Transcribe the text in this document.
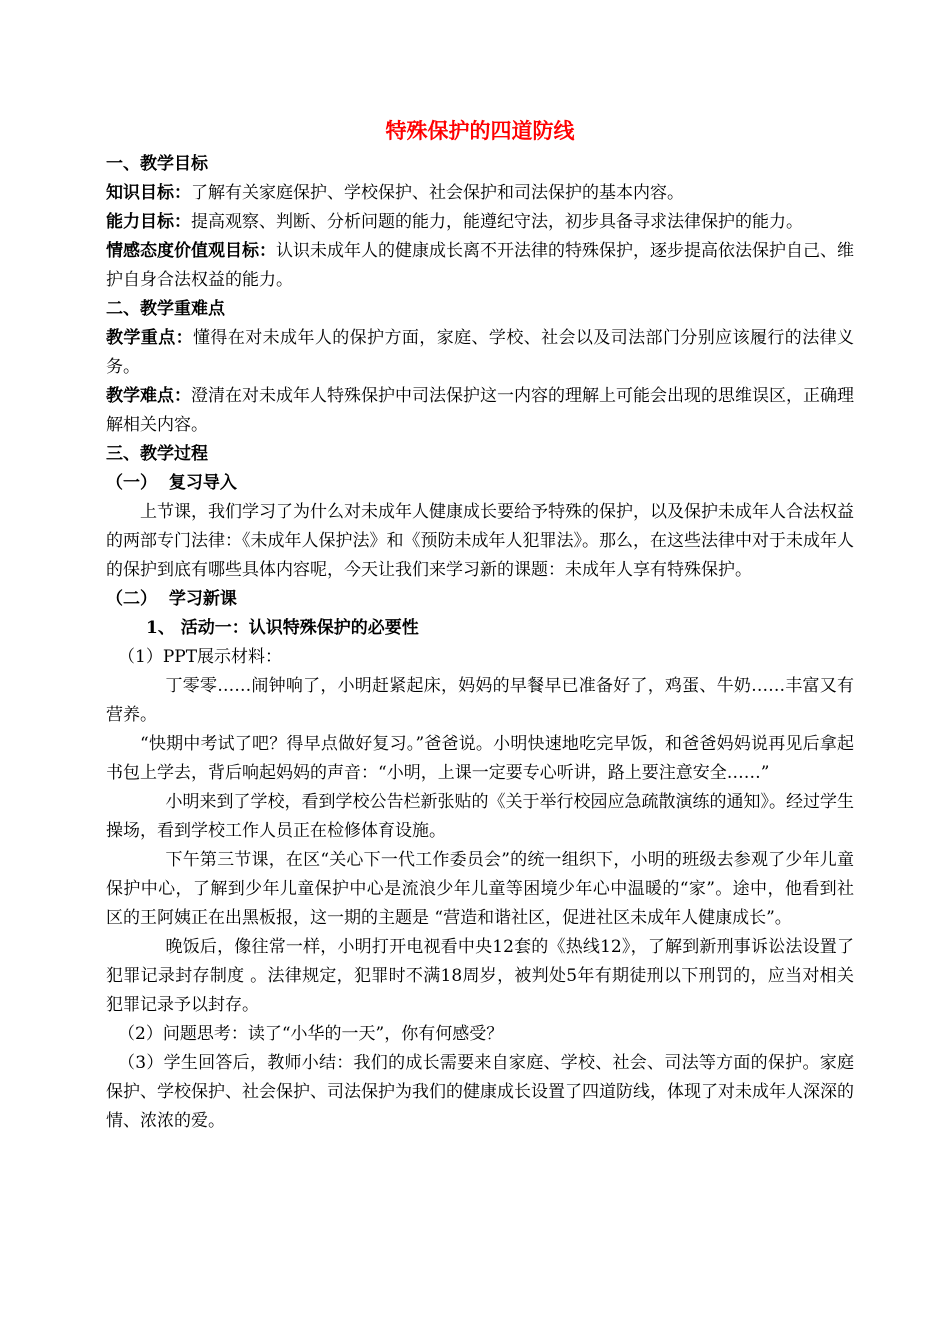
特殊保护的四道防线
一、教学目标
知识目标：了解有关家庭保护、学校保护、社会保护和司法保护的基本内容。
能力目标：提高观察、判断、分析问题的能力，能遵纪守法，初步具备寻求法律保护的能力。
情感态度价值观目标：认识未成年人的健康成长离不开法律的特殊保护，逐步提高依法保护自己、维护自身合法权益的能力。
二、教学重难点
教学重点：懂得在对未成年人的保护方面，家庭、学校、社会以及司法部门分别应该履行的法律义务。
教学难点：澄清在对未成年人特殊保护中司法保护这一内容的理解上可能会出现的思维误区，正确理解相关内容。
三、教学过程
（一）  复习导入
上节课，我们学习了为什么对未成年人健康成长要给予特殊的保护，以及保护未成年人合法权益的两部专门法律：《未成年人保护法》和《预防未成年人犯罪法》。那么，在这些法律中对于未成年人的保护到底有哪些具体内容呢，今天让我们来学习新的课题：未成年人享有特殊保护。
（二）  学习新课
1、 活动一：认识特殊保护的必要性
（1）PPT展示材料：
丁零零……闹钟响了，小明赶紧起床，妈妈的早餐早已准备好了，鸡蛋、牛奶……丰富又有营养。
“快期中考试了吧？得早点做好复习。”爸爸说。小明快速地吃完早饭，和爸爸妈妈说再见后拿起书包上学去，背后响起妈妈的声音：“小明，上课一定要专心听讲，路上要注意安全……”
小明来到了学校，看到学校公告栏新张贴的《关于举行校园应急疏散演练的通知》。经过学生操场，看到学校工作人员正在检修体育设施。
下午第三节课，在区“关心下一代工作委员会”的统一组织下，小明的班级去参观了少年儿童保护中心，了解到少年儿童保护中心是流浪少年儿童等困境少年心中温暖的“家”。途中，他看到社区的王阿姨正在出黑板报，这一期的主题是 “营造和谐社区，促进社区未成年人健康成长”。
晚饭后，像往常一样，小明打开电视看中央12套的《热线12》，了解到新刑事诉讼法设置了犯罪记录封存制度 。法律规定，犯罪时不满18周岁，被判处5年有期徒刑以下刑罚的，应当对相关犯罪记录予以封存。
（2）问题思考：读了“小华的一天”，你有何感受？
（3）学生回答后，教师小结：我们的成长需要来自家庭、学校、社会、司法等方面的保护。家庭保护、学校保护、社会保护、司法保护为我们的健康成长设置了四道防线，体现了对未成年人深深的情、浓浓的爱。
